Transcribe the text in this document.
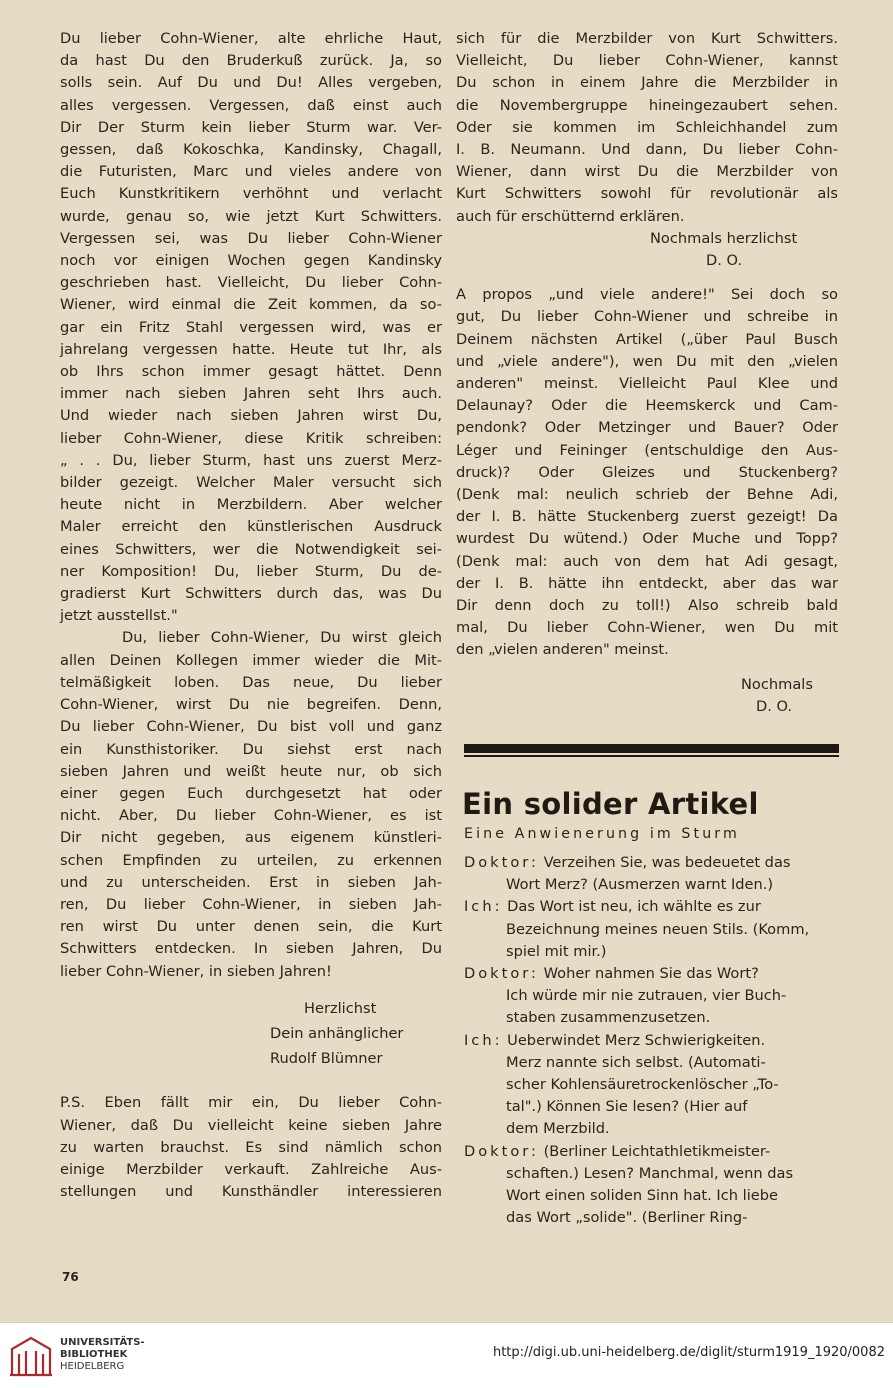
Du lieber Cohn-Wiener, alte ehrliche Haut,
da hast Du den Bruderkuß zurück. Ja, so
solls sein. Auf Du und Du! Alles vergeben,
alles vergessen. Vergessen, daß einst auch
Dir Der Sturm kein lieber Sturm war. Ver-
gessen, daß Kokoschka, Kandinsky, Chagall,
die Futuristen, Marc und vieles andere von
Euch Kunstkritikern verhöhnt und verlacht
wurde, genau so, wie jetzt Kurt Schwitters.
Vergessen sei, was Du lieber Cohn-Wiener
noch vor einigen Wochen gegen Kandinsky
geschrieben hast. Vielleicht, Du lieber Cohn-
Wiener, wird einmal die Zeit kommen, da so-
gar ein Fritz Stahl vergessen wird, was er
jahrelang vergessen hatte. Heute tut Ihr, als
ob Ihrs schon immer gesagt hättet. Denn
immer nach sieben Jahren seht Ihrs auch.
Und wieder nach sieben Jahren wirst Du,
lieber Cohn-Wiener, diese Kritik schreiben:
„ . . Du, lieber Sturm, hast uns zuerst Merz-
bilder gezeigt. Welcher Maler versucht sich
heute nicht in Merzbildern. Aber welcher
Maler erreicht den künstlerischen Ausdruck
eines Schwitters, wer die Notwendigkeit sei-
ner Komposition! Du, lieber Sturm, Du de-
gradierst Kurt Schwitters durch das, was Du
jetzt ausstellst."
Du, lieber Cohn-Wiener, Du wirst gleich
allen Deinen Kollegen immer wieder die Mit-
telmäßigkeit loben. Das neue, Du lieber
Cohn-Wiener, wirst Du nie begreifen. Denn,
Du lieber Cohn-Wiener, Du bist voll und ganz
ein Kunsthistoriker. Du siehst erst nach
sieben Jahren und weißt heute nur, ob sich
einer gegen Euch durchgesetzt hat oder
nicht. Aber, Du lieber Cohn-Wiener, es ist
Dir nicht gegeben, aus eigenem künstleri-
schen Empfinden zu urteilen, zu erkennen
und zu unterscheiden. Erst in sieben Jah-
ren, Du lieber Cohn-Wiener, in sieben Jah-
ren wirst Du unter denen sein, die Kurt
Schwitters entdecken. In sieben Jahren, Du
lieber Cohn-Wiener, in sieben Jahren!
Herzlichst
Dein anhänglicher
Rudolf Blümner
P.S. Eben fällt mir ein, Du lieber Cohn-
Wiener, daß Du vielleicht keine sieben Jahre
zu warten brauchst. Es sind nämlich schon
einige Merzbilder verkauft. Zahlreiche Aus-
stellungen und Kunsthändler interessieren
sich für die Merzbilder von Kurt Schwitters.
Vielleicht, Du lieber Cohn-Wiener, kannst
Du schon in einem Jahre die Merzbilder in
die Novembergruppe hineingezaubert sehen.
Oder sie kommen im Schleichhandel zum
I. B. Neumann. Und dann, Du lieber Cohn-
Wiener, dann wirst Du die Merzbilder von
Kurt Schwitters sowohl für revolutionär als
auch für erschütternd erklären.
Nochmals herzlichst
D. O.
A propos „und viele andere!" Sei doch so
gut, Du lieber Cohn-Wiener und schreibe in
Deinem nächsten Artikel („über Paul Busch
und „viele andere"), wen Du mit den „vielen
anderen" meinst. Vielleicht Paul Klee und
Delaunay? Oder die Heemskerck und Cam-
pendonk? Oder Metzinger und Bauer? Oder
Léger und Feininger (entschuldige den Aus-
druck)? Oder Gleizes und Stuckenberg?
(Denk mal: neulich schrieb der Behne Adi,
der I. B. hätte Stuckenberg zuerst gezeigt! Da
wurdest Du wütend.) Oder Muche und Topp?
(Denk mal: auch von dem hat Adi gesagt,
der I. B. hätte ihn entdeckt, aber das war
Dir denn doch zu toll!) Also schreib bald
mal, Du lieber Cohn-Wiener, wen Du mit
den „vielen anderen" meinst.
Nochmals
D. O.
Ein solider Artikel
Eine Anwienerung im Sturm
Doktor: Verzeihen Sie, was bedeuetet das
Wort Merz? (Ausmerzen warnt Iden.)
Ich: Das Wort ist neu, ich wählte es zur
Bezeichnung meines neuen Stils. (Komm,
spiel mit mir.)
Doktor: Woher nahmen Sie das Wort?
Ich würde mir nie zutrauen, vier Buch-
staben zusammenzusetzen.
Ich: Ueberwindet Merz Schwierigkeiten.
Merz nannte sich selbst. (Automati-
scher Kohlensäuretrockenlöscher „To-
tal".) Können Sie lesen? (Hier auf
dem Merzbild.
Doktor: (Berliner Leichtathletikmeister-
schaften.) Lesen? Manchmal, wenn das
Wort einen soliden Sinn hat. Ich liebe
das Wort „solide". (Berliner Ring-
76
UNIVERSITÄTS-
BIBLIOTHEK
HEIDELBERG
http://digi.ub.uni-heidelberg.de/diglit/sturm1919_1920/0082
